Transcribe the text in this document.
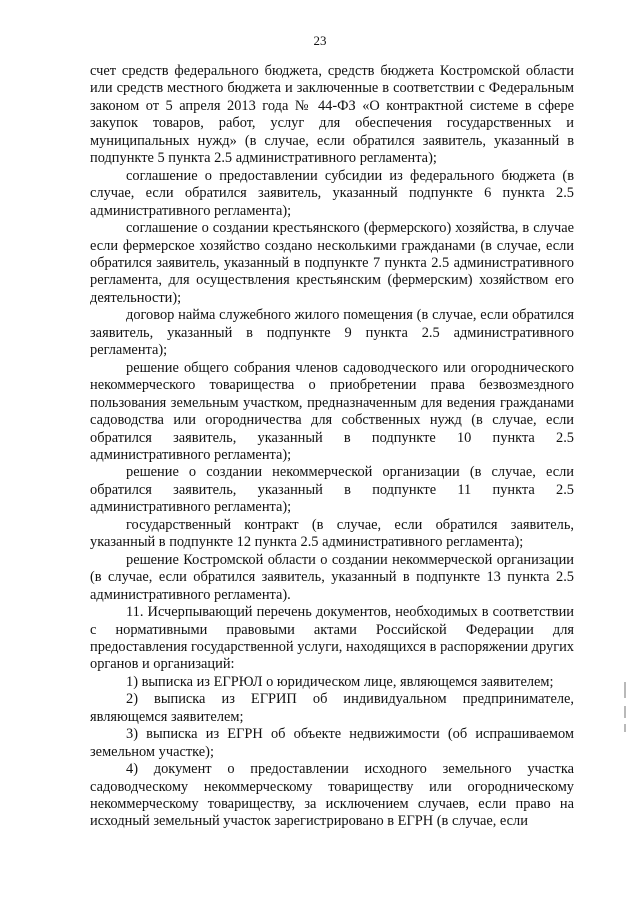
23

счет средств федерального бюджета, средств бюджета Костромской области или средств местного бюджета и заключенные в соответствии с Федеральным законом от 5 апреля 2013 года № 44-ФЗ «О контрактной системе в сфере закупок товаров, работ, услуг для обеспечения государственных и муниципальных нужд» (в случае, если обратился заявитель, указанный в подпункте 5 пункта 2.5 административного регламента);

соглашение о предоставлении субсидии из федерального бюджета (в случае, если обратился заявитель, указанный подпункте 6 пункта 2.5 административного регламента);

соглашение о создании крестьянского (фермерского) хозяйства, в случае если фермерское хозяйство создано несколькими гражданами (в случае, если обратился заявитель, указанный в подпункте 7 пункта 2.5 административного регламента, для осуществления крестьянским (фермерским) хозяйством его деятельности);

договор найма служебного жилого помещения (в случае, если обратился заявитель, указанный в подпункте 9 пункта 2.5 административного регламента);

решение общего собрания членов садоводческого или огороднического некоммерческого товарищества о приобретении права безвозмездного пользования земельным участком, предназначенным для ведения гражданами садоводства или огородничества для собственных нужд (в случае, если обратился заявитель, указанный в подпункте 10 пункта 2.5 административного регламента);

решение о создании некоммерческой организации (в случае, если обратился заявитель, указанный в подпункте 11 пункта 2.5 административного регламента);

государственный контракт (в случае, если обратился заявитель, указанный в подпункте 12 пункта 2.5 административного регламента);

решение Костромской области о создании некоммерческой организации (в случае, если обратился заявитель, указанный в подпункте 13 пункта 2.5 административного регламента).

11. Исчерпывающий перечень документов, необходимых в соответствии с нормативными правовыми актами Российской Федерации для предоставления государственной услуги, находящихся в распоряжении других органов и организаций:

1) выписка из ЕГРЮЛ о юридическом лице, являющемся заявителем;

2) выписка из ЕГРИП об индивидуальном предпринимателе, являющемся заявителем;

3) выписка из ЕГРН об объекте недвижимости (об испрашиваемом земельном участке);

4) документ о предоставлении исходного земельного участка садоводческому некоммерческому товариществу или огородническому некоммерческому товариществу, за исключением случаев, если право на исходный земельный участок зарегистрировано в ЕГРН (в случае, если
